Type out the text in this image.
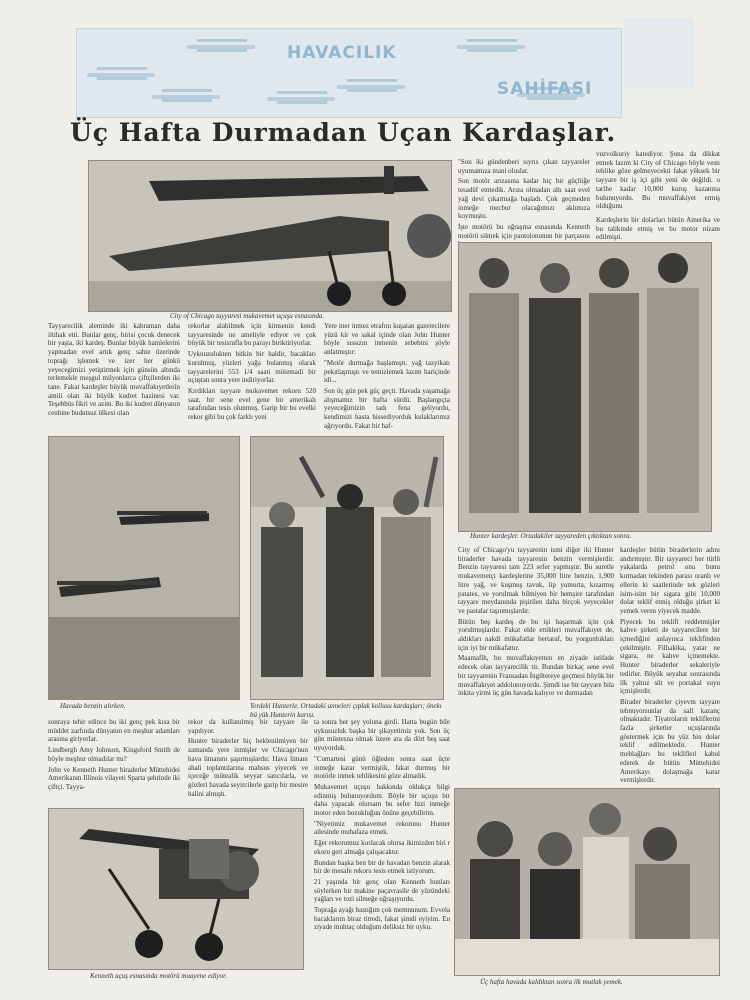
HAVACILIK
SAHİFASI
Üç Hafta Durmadan Uçan Kardaşlar.
City of Chicago tayyaresi mukavemet uçuşu esnasında.

Tayyarecilik aleminde iki kahraman daha iltihak etti. Bunlar genç, birisi çocuk denecek bir yaşta, iki kardeş. Bunlar büyük hamlelerini yapmadan evel artık genç sahte üzerinde toprağı işlemek ve izer her günkü yeyecegimizi yetiştirmek için günsün altında terlemekle meşgul milyonlarca çiftçilerden iki tane. Fakat kardeşler büyük muvaffakıyetlerin amili olan iki büyük kudret hazinesi var. Teşebbüs fikri ve azim. Bu iki kudret dünyanın cenbine budutsuz ülkesi olan

rekorlar alabilmek için kimsenin kendi tayyaresinde ne ameliyle ediyor ve çok büyük bir tesisrufla bu parayı biriktiriyorlar.

Uykuuzulukten bitkin bir haldir, bacakları kurulmuş, yüzleri yağa bulanmış olarak tayyarelerini 553 1/4 saati mütemadi bir uçuştan sonra yere indiriyorlar.

Kırdıkları tayyare mukavemet rekoru 520 saat, bir sene evel gene bir amerikalı tarafından tesis olunmuş. Garip bir bu evelki rekor gibi bu çok farklı yeni

Yere iner inmez etrafını kuşatan gazetecilere yüzü kir ve sakal içinde olan John Hunter böyle sıssızın inmenin sebebini şöyle anlatmıştır:

"Motör durmağa başlamıştı. yağ tazyikatı pekıtlaşmıştı ve temizlemek lazım hariçinde idi...

Son üç gün pek güç geçti. Havada yaşamağa alışmamız bir hafta sürdü. Başlangıçta yeyeceğimizin tadı fena geliyordu, kendimizi hasta hissediyorduk kulaklarımız ağrıyordu. Fakat bir haf-

Havada benzin alırken.	Yerdeki Hunterle. Ortadaki anneleri çıplak kollusu kardaşları; önekı bü yük Hunterin karısı.

"Son iki gündenberi sıyrıs çıkan tayyareler uyumamıza mani oluslar.

Son motör arızasına kadar hiç bir güçlüğe tesadüf etmedik. Arıza olmadan altı saat evel yağ devi çıkarmağa başladı. Çok geçmeden inmeğe mecbur olacağımızı aklımıza koymuştu.

İşte motörü bu uğraşma esnasında Kenneth motörü silmek için pantolonunun bir parçasını

vuzvolkuriy katediyor. Şuna da dikkat etmek lazım ki City of Chicago böyle vestı tehlike göze gelmeyecekti fakat yüksek bir tayyare bir iş içi gibi yeni de değildi. o tarihe kadar 10,000 kuruş kazanma bulunuyordu. Bu muvaffakiyet ermiş olduğunu

Kardeşlerin bir dolarları bütün Amerika ve bu talikinde etmiş ve bu motor nizam edilmişti.

Hunter kardeşler. Ortadakiler tayyareden çıktıktan sonra.

City of Chicago'yu tayyarenin ismi diğer iki Hunter biraderler havada tayyarenin benzin vermişlerdir. Benzin tayyaresi tam 223 sefer yapmıştır. Bu suretle mukavemetçi kardeşlerine 35,000 litre benzin, 1,900 litre yağ, ve kuşmuş tavuk, lip yumurta, kızarmış patates, ve yorulmak bilmiyen bir hemşire tarafından tayyare meydanında pişirilen daha birçok yeyecekler ve pastalar taşınmışlardır.

Bütün beş kardeş de bu işi başarmak için çok yorulmuşlardır. Fakat elde ettikleri muvaffakıyet de, aldıkları nakdi mükafatlar bertaraf, bu yorgunlukları için iyi bir mükafattır.

Maamafih, bu muvaffakıyetten en ziyade istifade edecek olan tayyarecilik tir. Bundan birkaç sene evel bir tayyarenin Fransadan İngiltereye geçmesi büyük bir muvaffakıyet addolunuyordu. Şimdi ise bir tayyare bila inkita yirmi üç gün havada kalıyor ve durmadan

kardeşler bütün biraderlerin adını andırmıştır. Bir tayyareci her türlü yakalarda petrol onu bunu kırmadan tekinden parası oranlı ve ellerin ki saatlerinde tek gözleri isim-isim bir sigara gibi 10,000 dolar teklif etmiş olduğu şirket ki yemek veren yiyecek madde.

Piyecek bu teklifi reddetmişler kahve şirketi de tayyarecilere bir içmediğini anlayınca teklifinden çekilmiştir. Filhakika, yatar ne sigara, ne kahve içmemekte. Hunter biraderler sekaleriyle tedirler. Büyük seyahat sonrasında ilk yalnız süt ve portakal suyu içmişlerdir.

Birader biraderler çiyevm tayyare tebnuyorsunlar da sall kazanç olmaktadır. Tiyatroların tekliflerini fazla şirketler uçuşlarında göstermek için bu yüz bin dolar teklif edilmektedir. Hunter meblağları bu teklifleri kabul ederek de bütün Müttehidei Amerikayı dolaşmağa karar vermişlerdir.

sonraya tehir edince bu iki genç pek kısa bir müddet zarfında dünyanın en meşhur adamları arasına giriyorlar.

Lindbergh Amy Johnson, Kingsford Smith de böyle meşhur olmadılar mı?

John ve Kenneth Hunter biraderler Müttehidei Amerikanın Illinois vilayeti Sparta şehrinde iki çiftçi. Tayya-

rekor da kullanılmış bir tayyare ile yapılıyor.

Hunter biraderler hiç beklenilmiyen bir zamanda yere inmişler ve Chicago'nun hava limanını şaşırmışlardır. Hava limanı ahali toplantılarına mahsus yiyecek ve içeceğe mütealik seyyar satıcılarla, ve gözleri havada seyircilerle garip bir mesire halini almıştı.

ta sonra her şey yoluna girdi. Hatta bugün bile uykusuzluk başka bir şikayetimiz yok. Son üç gün müstesna olmak üzere ara da dört beş saat uyuyorduk.

"Cumartesi günü öğleden sonra saat üçte inmeğe karar vermiştik, fakat durmuş bir motörle inmek tehlikesini göze almadık.

Mukavemet uçuşu hakkında oldukça bilgi edinmiş bulunuyordum. Böyle bir uçuşu bir daha yapacak olursam bu sefer hizi inmeğe motor eden bozukluğun önüne geçebilirim.

"Niyetimiz mukavemet rekorunu Hunter ailesinde muhafaza etmek.

Eğer rekorumuz kırılacak olursa ikimizden biri r ekoru geri almağa çalışacaktır.

Bundan başka ben bir de havadan benzin alarak bir de mesafe rekoru tesis etmek istiyorum.

21 yaşında bir genç olan Kenneth bunları söylerken bir makine paçavrasile de yüzündeki yağları ve tozi silmeğe uğraşıyordu.

Toprağa ayağı bastığım çok memnunum. Evvela bacaklarım biraz titredi, fakat şimdi eyiyim. En ziyade muhtaç olduğum deliksiz bir uyku.

Kenneth uçuş esnasında motörü muayene ediyor.
Üç hafta havada kaldıktan sonra ilk mutlak yemek.
